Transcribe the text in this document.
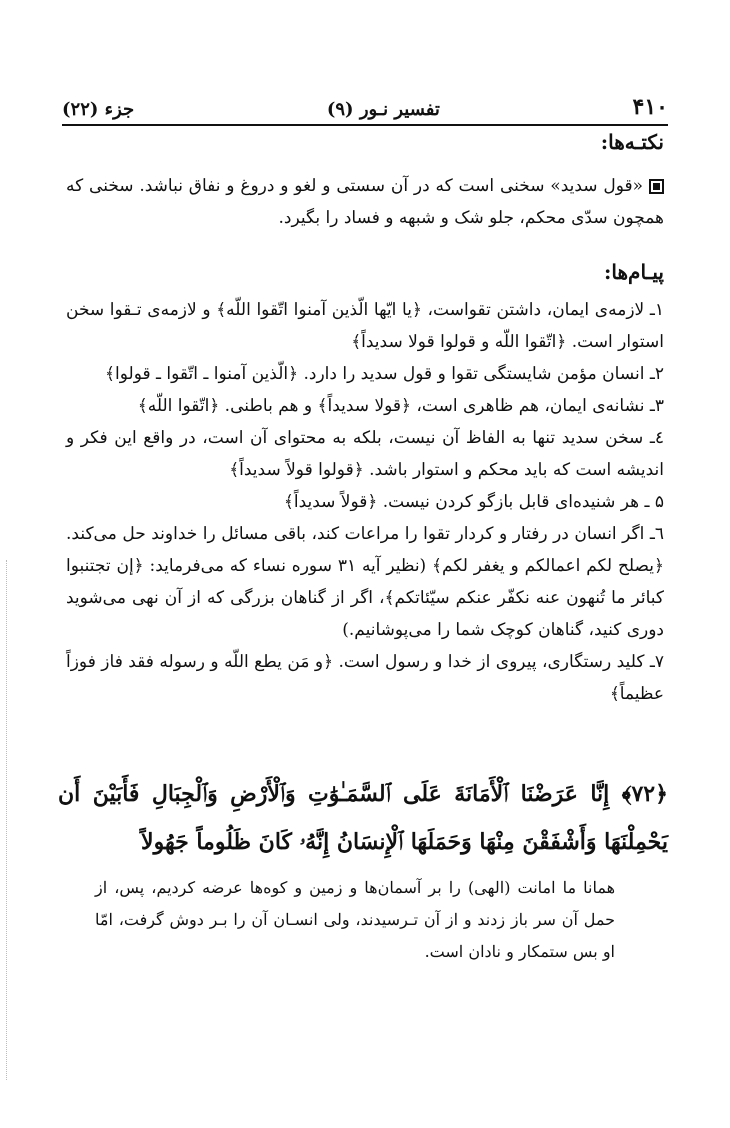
۴۱۰
تفسیر نـور (۹)
جزء (۲۲)
نکتـه‌ها:
«قول سدید» سخنی است که در آن سستی و لغو و دروغ و نفاق نباشد. سخنی که همچون سدّی محکم، جلو شک و شبهه و فساد را بگیرد.
پیـام‌ها:

۱ـ لازمه‌ی ایمان، داشتن تقواست، ﴿یا ایّها الّذین آمنوا اتّقوا اللّه﴾ و لازمه‌ی تـقوا سخن استوار است. ﴿اتّقوا اللّه و قولوا قولا سدیداً﴾

۲ـ انسان مؤمن شایستگی تقوا و قول سدید را دارد. ﴿الّذین آمنوا ـ اتّقوا ـ قولوا﴾

۳ـ نشانه‌ی ایمان، هم ظاهری است، ﴿قولا سدیداً﴾ و هم باطنی. ﴿اتّقوا اللّه﴾

٤ـ سخن سدید تنها به الفاظ آن نیست، بلکه به محتوای آن است، در واقع این فکر و اندیشه است که باید محکم و استوار باشد. ﴿قولوا قولاً سدیداً﴾

۵ ـ هر شنیده‌ای قابل بازگو کردن نیست. ﴿قولاً سدیداً﴾

٦ـ اگر انسان در رفتار و کردار تقوا را مراعات کند، باقی مسائل را خداوند حل می‌کند. ﴿یصلح لکم اعمالکم و یغفر لکم﴾ (نظیر آیه ۳۱ سوره نساء که می‌فرماید: ﴿إن تجتنبوا کبائر ما تُنهون عنه نکفّر عنکم سیّئاتکم﴾، اگر از گناهان بزرگی که از آن نهی می‌شوید دوری کنید، گناهان کوچک شما را می‌پوشانیم.)

۷ـ کلید رستگاری، پیروی از خدا و رسول است. ﴿و مَن یطع اللّه و رسوله فقد فاز فوزاً عظیماً﴾

﴿۷۲﴾ إِنَّا عَرَضْنَا ٱلْأَمَانَةَ عَلَى ٱلسَّمَـٰوَٰتِ وَٱلْأَرْضِ وَٱلْجِبَالِ فَأَبَيْنَ أَن يَحْمِلْنَهَا وَأَشْفَقْنَ مِنْهَا وَحَمَلَهَا ٱلْإِنسَانُ إِنَّهُۥ كَانَ ظَلُوماً جَهُولاً
همانا ما امانت (الهی) را بر آسمان‌ها و زمین و کوه‌ها عرضه کردیم، پس، از حمل آن سر باز زدند و از آن تـرسیدند، ولی انسـان آن را بـر دوش گرفت، امّا او بس ستمکار و نادان است.
